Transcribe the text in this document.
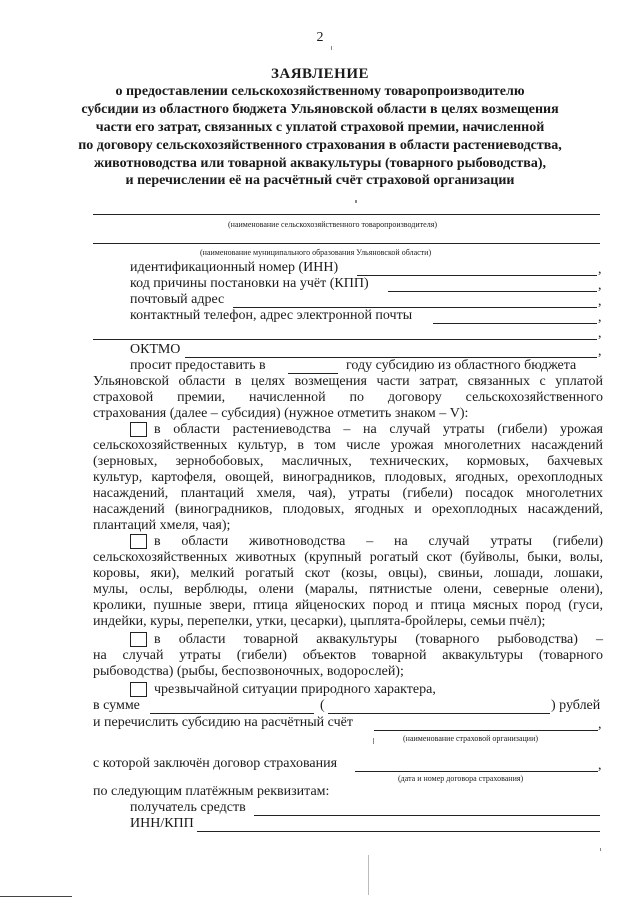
2
ЗАЯВЛЕНИЕ
о предоставлении сельскохозяйственному товаропроизводителю
субсидии из областного бюджета Ульяновской области в целях возмещения
части его затрат, связанных с уплатой страховой премии, начисленной
по договору сельскохозяйственного страхования в области растениеводства,
животноводства или товарной аквакультуры (товарного рыбоводства),
и перечислении её на расчётный счёт страховой организации
(наименование сельскохозяйственного товаропроизводителя)
(наименование муниципального образования Ульяновской области)
идентификационный номер (ИНН)	,
код причины постановки на учёт (КПП)	,
почтовый адрес	,
контактный телефон, адрес электронной почты	,
,
ОКТМО	,
просит предоставить в	году субсидию из областного бюджета
Ульяновской области в целях возмещения части затрат, связанных с уплатой
страховой премии, начисленной по договору сельскохозяйственного
страхования (далее – субсидия) (нужное отметить знаком – V):
в области растениеводства – на случай утраты (гибели) урожая
сельскохозяйственных культур, в том числе урожая многолетних насаждений
(зерновых, зернобобовых, масличных, технических, кормовых, бахчевых
культур, картофеля, овощей, виноградников, плодовых, ягодных, орехоплодных
насаждений, плантаций хмеля, чая), утраты (гибели) посадок многолетних
насаждений (виноградников, плодовых, ягодных и орехоплодных насаждений,
плантаций хмеля, чая);
в области животноводства – на случай утраты (гибели)
сельскохозяйственных животных (крупный рогатый скот (буйволы, быки, волы,
коровы, яки), мелкий рогатый скот (козы, овцы), свиньи, лошади, лошаки,
мулы, ослы, верблюды, олени (маралы, пятнистые олени, северные олени),
кролики, пушные звери, птица яйценоских пород и птица мясных пород (гуси,
индейки, куры, перепелки, утки, цесарки), цыплята-бройлеры, семьи пчёл);
в области товарной аквакультуры (товарного рыбоводства) –
на случай утраты (гибели) объектов товарной аквакультуры (товарного
рыбоводства) (рыбы, беспозвоночных, водорослей);
чрезвычайной ситуации природного характера,
в сумме	(	) рублей
и перечислить субсидию на расчётный счёт	,
(наименование страховой организации)
с которой заключён договор страхования	,
(дата и номер договора страхования)
по следующим платёжным реквизитам:
получатель средств
ИНН/КПП
